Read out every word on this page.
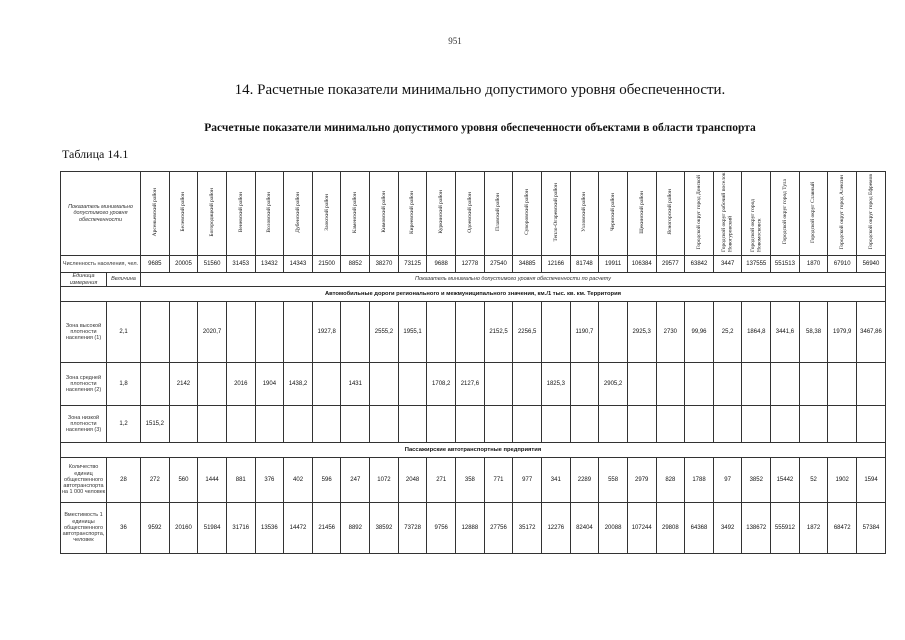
951
14. Расчетные показатели минимально допустимого уровня обеспеченности.
Расчетные показатели минимально допустимого уровня обеспеченности объектами в области транспорта
Таблица 14.1
Показатель минимально допустимого уровня обеспеченности		Арсеньевский район	Белевский район	Богородицкий район	Веневский район	Воловский район	Дубенский район	Заокский район	Каменский район	Кимовский район	Киреевский район	Куркинский район	Одоевский район	Плавский район	Суворовский район	Тепло-Огаревский район	Узловский район	Чернский район	Щекинский район	Ясногорский район	Городской округ город Донской	Городской округ рабочий поселок Новогуровский	Городской округ город Новомосковск	Городской округ город Тула	Городской округ Славный	Городской округ город Алексин	Городской округ город Ефремов
Численность населения, чел.		9685	20005	51560	31453	13432	14343	21500	8852	38270	73125	9688	12778	27540	34885	12166	81748	19911	106384	29577	63842	3447	137555	551513	1870	67910	56940
Единица измерения	Величина	Показатель минимально допустимого уровня обеспеченности по расчету																									
Автомобильные дороги регионального и межмуниципального значения, км./1 тыс. кв. км. Территория																											
Зона высокой плотности населения (1)	2,1			2020,7				1927,8		2555,2	1955,1			2152,5	2256,5		1190,7		2925,3	2730	99,96	25,2	1864,8	3441,6	58,38	1979,9	3467,86
Зона средней плотности населения (2)	1,8		2142		2016	1904	1438,2		1431			1708,2	2127,6			1825,3		2905,2									
Зона низкой плотности населения (3)	1,2	1515,2																									
Пассажирские автотранспортные предприятия																											
Количество единиц общественного автотранспорта на 1 000 человек	28	272	560	1444	881	376	402	596	247	1072	2048	271	358	771	977	341	2289	558	2979	828	1788	97	3852	15442	52	1902	1594
Вместимость 1 единицы общественного автотранспорта, человек	36	9592	20160	51984	31716	13536	14472	21456	8892	38592	73728	9756	12888	27756	35172	12276	82404	20088	107244	29808	64368	3492	138672	555912	1872	68472	57384
